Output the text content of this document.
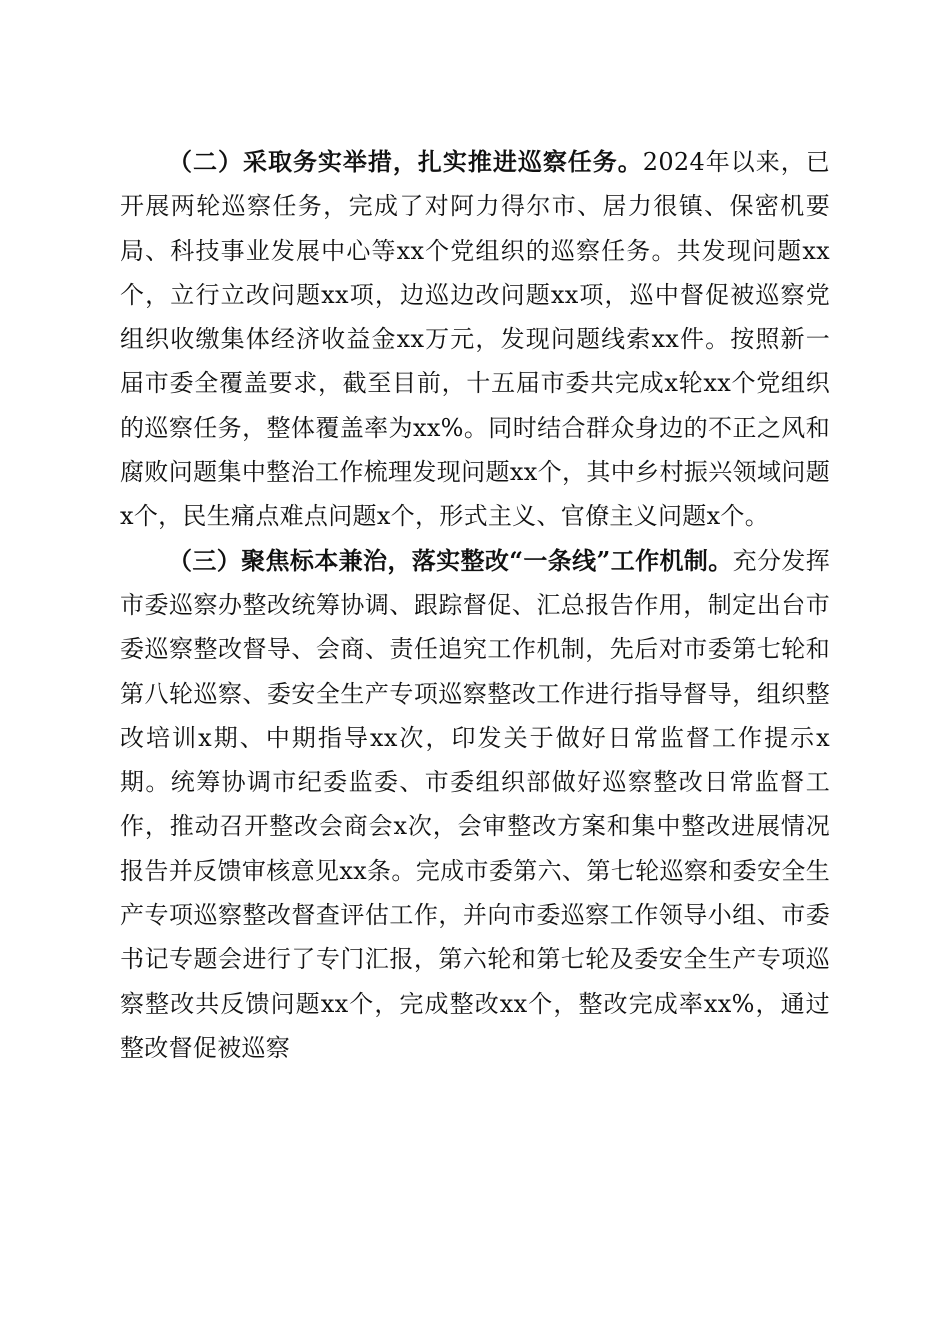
（二）采取务实举措，扎实推进巡察任务。2024年以来，已开展两轮巡察任务，完成了对阿力得尔市、居力很镇、保密机要局、科技事业发展中心等xx个党组织的巡察任务。共发现问题xx个，立行立改问题xx项，边巡边改问题xx项，巡中督促被巡察党组织收缴集体经济收益金xx万元，发现问题线索xx件。按照新一届市委全覆盖要求，截至目前，十五届市委共完成x轮xx个党组织的巡察任务，整体覆盖率为xx%。同时结合群众身边的不正之风和腐败问题集中整治工作梳理发现问题xx个，其中乡村振兴领域问题x个，民生痛点难点问题x个，形式主义、官僚主义问题x个。

（三）聚焦标本兼治，落实整改“一条线”工作机制。充分发挥市委巡察办整改统筹协调、跟踪督促、汇总报告作用，制定出台市委巡察整改督导、会商、责任追究工作机制，先后对市委第七轮和第八轮巡察、委安全生产专项巡察整改工作进行指导督导，组织整改培训x期、中期指导xx次，印发关于做好日常监督工作提示x期。统筹协调市纪委监委、市委组织部做好巡察整改日常监督工作，推动召开整改会商会x次，会审整改方案和集中整改进展情况报告并反馈审核意见xx条。完成市委第六、第七轮巡察和委安全生产专项巡察整改督查评估工作，并向市委巡察工作领导小组、市委书记专题会进行了专门汇报，第六轮和第七轮及委安全生产专项巡察整改共反馈问题xx个，完成整改xx个，整改完成率xx%，通过整改督促被巡察
